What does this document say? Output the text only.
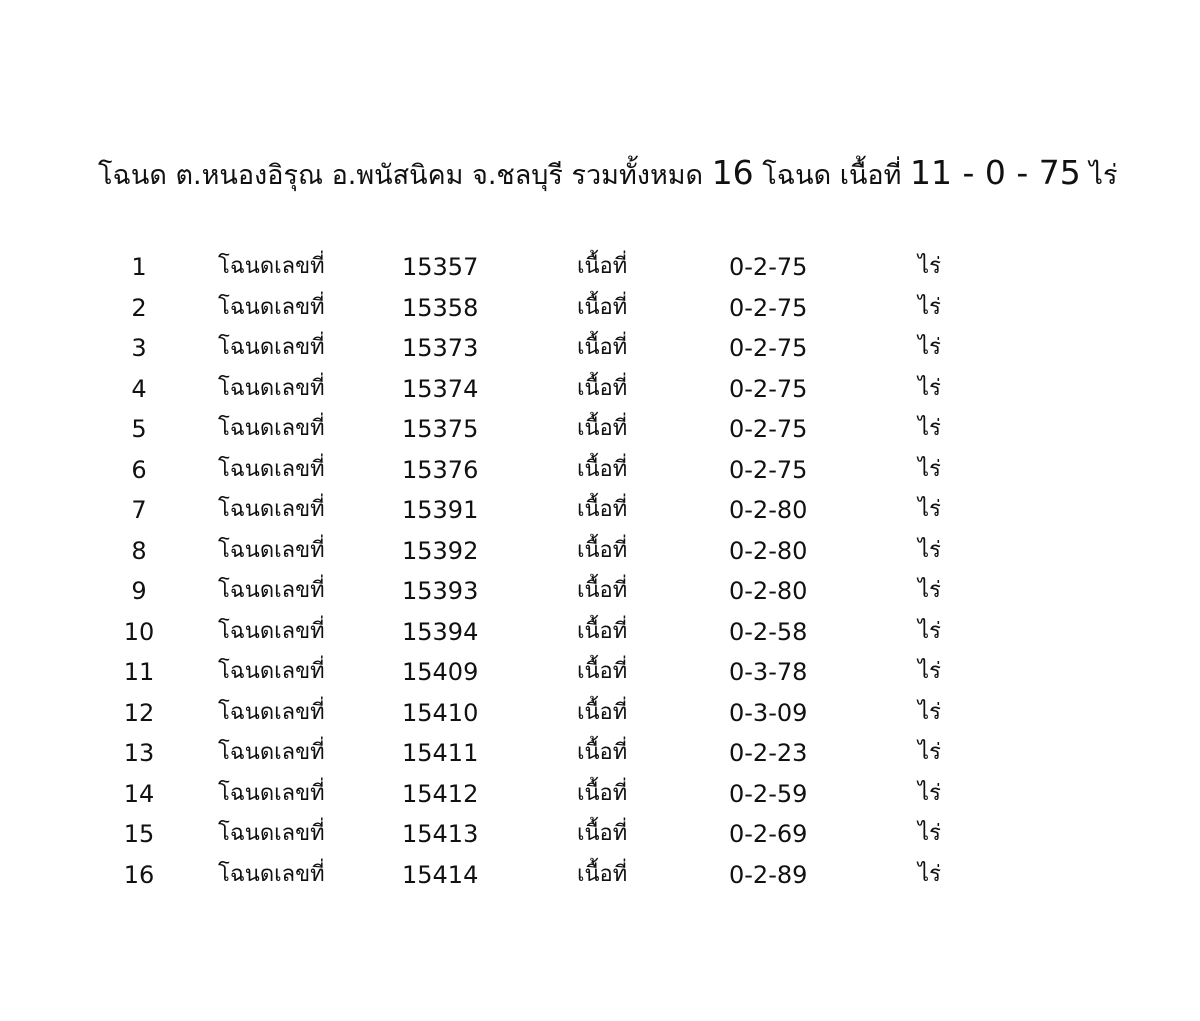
โฉนด ต.หนองอิรุณ อ.พนัสนิคม จ.ชลบุรี รวมทั้งหมด 16 โฉนด เนื้อที่ 11 - 0 - 75 ไร่
1	โฉนดเลขที่	15357	เนื้อที่	0-2-75	ไร่
2	โฉนดเลขที่	15358	เนื้อที่	0-2-75	ไร่
3	โฉนดเลขที่	15373	เนื้อที่	0-2-75	ไร่
4	โฉนดเลขที่	15374	เนื้อที่	0-2-75	ไร่
5	โฉนดเลขที่	15375	เนื้อที่	0-2-75	ไร่
6	โฉนดเลขที่	15376	เนื้อที่	0-2-75	ไร่
7	โฉนดเลขที่	15391	เนื้อที่	0-2-80	ไร่
8	โฉนดเลขที่	15392	เนื้อที่	0-2-80	ไร่
9	โฉนดเลขที่	15393	เนื้อที่	0-2-80	ไร่
10	โฉนดเลขที่	15394	เนื้อที่	0-2-58	ไร่
11	โฉนดเลขที่	15409	เนื้อที่	0-3-78	ไร่
12	โฉนดเลขที่	15410	เนื้อที่	0-3-09	ไร่
13	โฉนดเลขที่	15411	เนื้อที่	0-2-23	ไร่
14	โฉนดเลขที่	15412	เนื้อที่	0-2-59	ไร่
15	โฉนดเลขที่	15413	เนื้อที่	0-2-69	ไร่
16	โฉนดเลขที่	15414	เนื้อที่	0-2-89	ไร่
